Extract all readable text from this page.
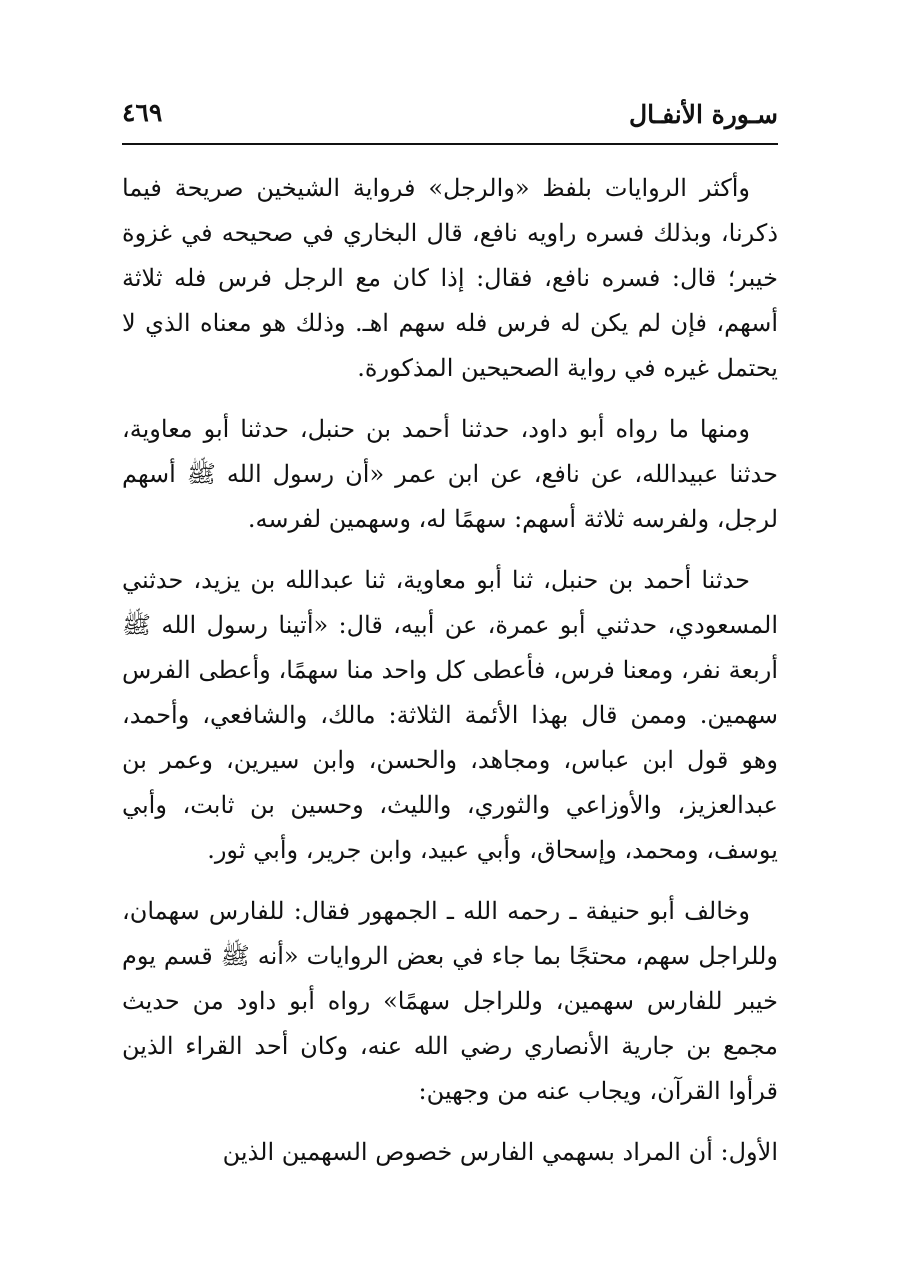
سـورة الأنفـال
٤٦٩

وأكثر الروايات بلفظ «والرجل» فرواية الشيخين صريحة فيما ذكرنا، وبذلك فسره راويه نافع، قال البخاري في صحيحه في غزوة خيبر؛ قال: فسره نافع، فقال: إذا كان مع الرجل فرس فله ثلاثة أسهم، فإن لم يكن له فرس فله سهم اهـ. وذلك هو معناه الذي لا يحتمل غيره في رواية الصحيحين المذكورة.

ومنها ما رواه أبو داود، حدثنا أحمد بن حنبل، حدثنا أبو معاوية، حدثنا عبيدالله، عن نافع، عن ابن عمر «أن رسول الله ﷺ أسهم لرجل، ولفرسه ثلاثة أسهم: سهمًا له، وسهمين لفرسه.

حدثنا أحمد بن حنبل، ثنا أبو معاوية، ثنا عبدالله بن يزيد، حدثني المسعودي، حدثني أبو عمرة، عن أبيه، قال: «أتينا رسول الله ﷺ أربعة نفر، ومعنا فرس، فأعطى كل واحد منا سهمًا، وأعطى الفرس سهمين. وممن قال بهذا الأئمة الثلاثة: مالك، والشافعي، وأحمد، وهو قول ابن عباس، ومجاهد، والحسن، وابن سيرين، وعمر بن عبدالعزيز، والأوزاعي والثوري، والليث، وحسين بن ثابت، وأبي يوسف، ومحمد، وإسحاق، وأبي عبيد، وابن جرير، وأبي ثور.

وخالف أبو حنيفة ـ رحمه الله ـ الجمهور فقال: للفارس سهمان، وللراجل سهم، محتجًا بما جاء في بعض الروايات «أنه ﷺ قسم يوم خيبر للفارس سهمين، وللراجل سهمًا» رواه أبو داود من حديث مجمع بن جارية الأنصاري رضي الله عنه، وكان أحد القراء الذين قرأوا القرآن، ويجاب عنه من وجهين:

الأول: أن المراد بسهمي الفارس خصوص السهمين الذين
